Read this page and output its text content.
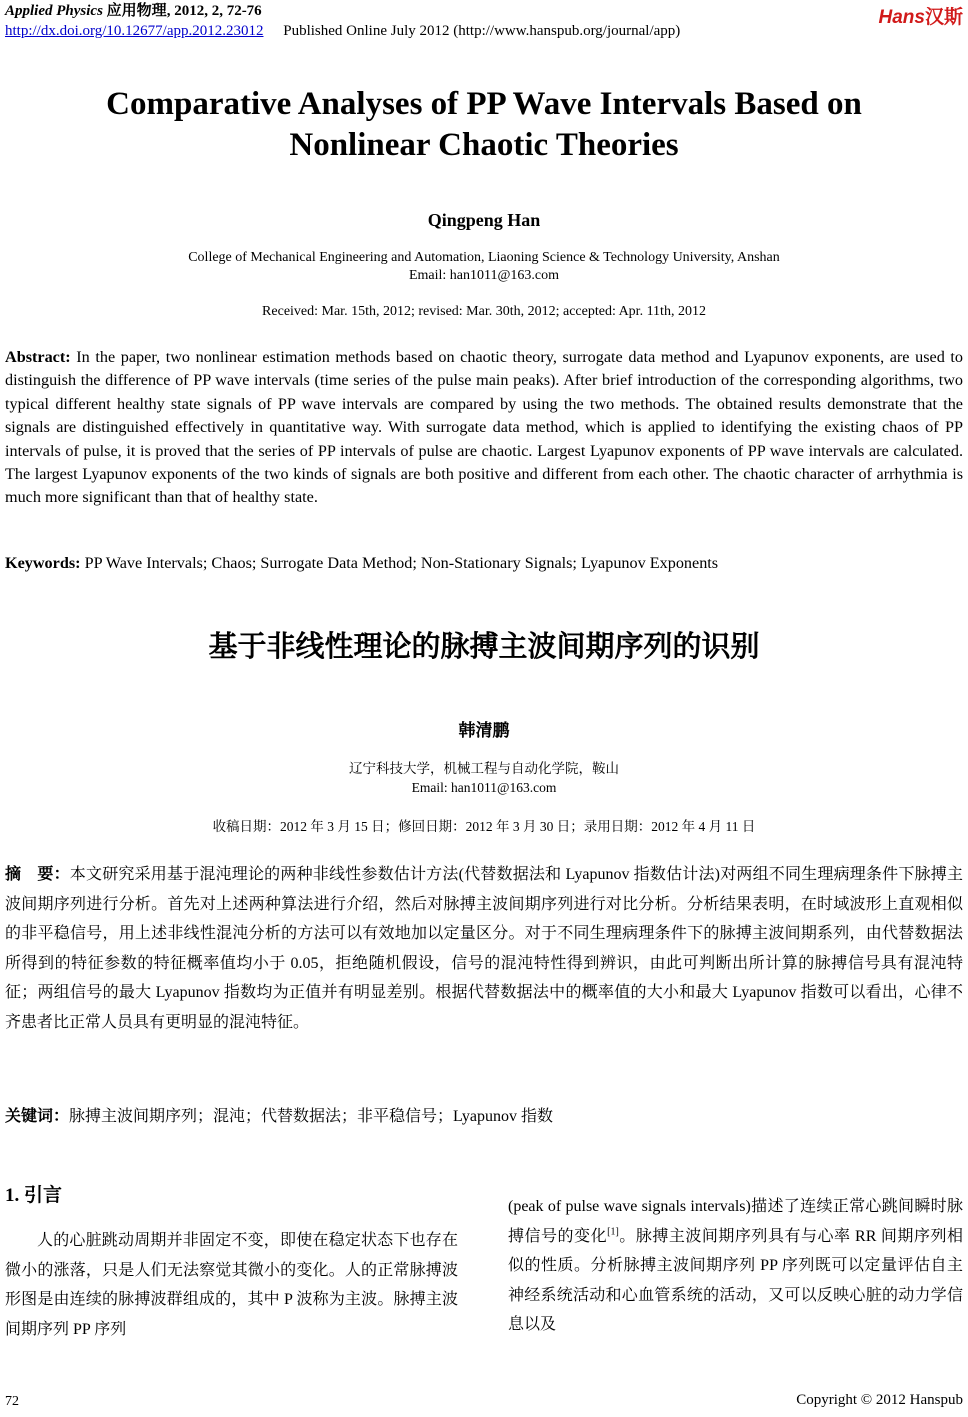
Applied Physics 应用物理, 2012, 2, 72-76
http://dx.doi.org/10.12677/app.2012.23012 Published Online July 2012 (http://www.hanspub.org/journal/app)
Hans汉斯
Comparative Analyses of PP Wave Intervals Based on
Nonlinear Chaotic Theories
Qingpeng Han
College of Mechanical Engineering and Automation, Liaoning Science & Technology University, Anshan
Email: han1011@163.com
Received: Mar. 15th, 2012; revised: Mar. 30th, 2012; accepted: Apr. 11th, 2012
Abstract: In the paper, two nonlinear estimation methods based on chaotic theory, surrogate data method and Lyapunov exponents, are used to distinguish the difference of PP wave intervals (time series of the pulse main peaks). After brief introduction of the corresponding algorithms, two typical different healthy state signals of PP wave intervals are compared by using the two methods. The obtained results demonstrate that the signals are distinguished effectively in quantitative way. With surrogate data method, which is applied to identifying the existing chaos of PP intervals of pulse, it is proved that the series of PP intervals of pulse are chaotic. Largest Lyapunov exponents of PP wave intervals are calculated. The largest Lyapunov exponents of the two kinds of signals are both positive and different from each other. The chaotic character of arrhythmia is much more significant than that of healthy state.
Keywords: PP Wave Intervals; Chaos; Surrogate Data Method; Non-Stationary Signals; Lyapunov Exponents
基于非线性理论的脉搏主波间期序列的识别
韩清鹏
辽宁科技大学，机械工程与自动化学院，鞍山
Email: han1011@163.com
收稿日期：2012 年 3 月 15 日；修回日期：2012 年 3 月 30 日；录用日期：2012 年 4 月 11 日
摘　要：本文研究采用基于混沌理论的两种非线性参数估计方法(代替数据法和 Lyapunov 指数估计法)对两组不同生理病理条件下脉搏主波间期序列进行分析。首先对上述两种算法进行介绍，然后对脉搏主波间期序列进行对比分析。分析结果表明，在时域波形上直观相似的非平稳信号，用上述非线性混沌分析的方法可以有效地加以定量区分。对于不同生理病理条件下的脉搏主波间期系列，由代替数据法所得到的特征参数的特征概率值均小于 0.05，拒绝随机假设，信号的混沌特性得到辨识，由此可判断出所计算的脉搏信号具有混沌特征；两组信号的最大 Lyapunov 指数均为正值并有明显差别。根据代替数据法中的概率值的大小和最大 Lyapunov 指数可以看出，心律不齐患者比正常人员具有更明显的混沌特征。
关键词：脉搏主波间期序列；混沌；代替数据法；非平稳信号；Lyapunov 指数
1. 引言
人的心脏跳动周期并非固定不变，即使在稳定状态下也存在微小的涨落，只是人们无法察觉其微小的变化。人的正常脉搏波形图是由连续的脉搏波群组成的，其中 P 波称为主波。脉搏主波间期序列 PP 序列
(peak of pulse wave signals intervals)描述了连续正常心跳间瞬时脉搏信号的变化[1]。脉搏主波间期序列具有与心率 RR 间期序列相似的性质。分析脉搏主波间期序列 PP 序列既可以定量评估自主神经系统活动和心血管系统的活动，又可以反映心脏的动力学信息以及
72	Copyright © 2012 Hanspub
